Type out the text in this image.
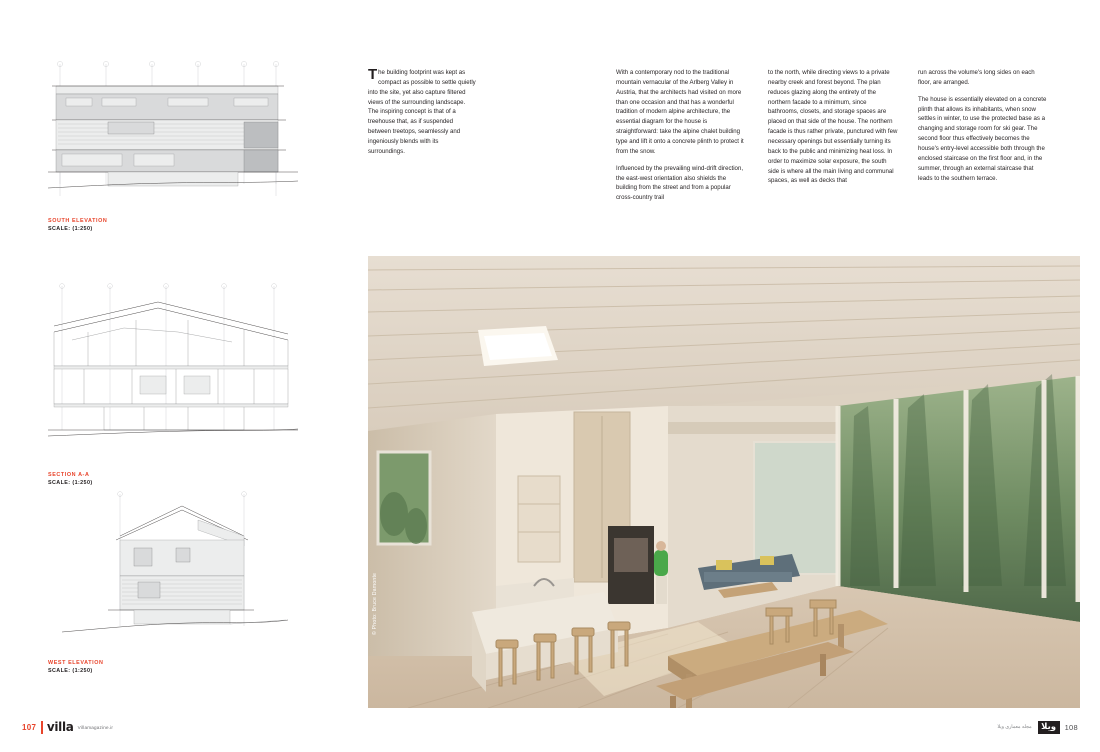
SOUTH ELEVATION
SCALE: (1:250)
SECTION A-A
SCALE: (1:250)
WEST ELEVATION
SCALE: (1:250)

The building footprint was kept as compact as possible to settle quietly into the site, yet also capture filtered views of the surrounding landscape. The inspiring concept is that of a treehouse that, as if suspended between treetops, seamlessly and ingeniously blends with its surroundings.

With a contemporary nod to the traditional mountain vernacular of the Arlberg Valley in Austria, that the architects had visited on more than one occasion and that has a wonderful tradition of modern alpine architecture, the essential diagram for the house is straightforward: take the alpine chalet building type and lift it onto a concrete plinth to protect it from the snow.

Influenced by the prevailing wind-drift direction, the east-west orientation also shields the building from the street and from a popular cross-country trail

to the north, while directing views to a private nearby creek and forest beyond. The plan reduces glazing along the entirety of the northern facade to a minimum, since bathrooms, closets, and storage spaces are placed on that side of the house. The northern facade is thus rather private, punctured with few necessary openings but essentially turning its back to the public and minimizing heat loss. In order to maximize solar exposure, the south side is where all the main living and communal spaces, as well as decks that

run across the volume's long sides on each floor, are arranged.

The house is essentially elevated on a concrete plinth that allows its inhabitants, when snow settles in winter, to use the protected base as a changing and storage room for ski gear. The second floor thus effectively becomes the house's entry-level accessible both through the enclosed staircase on the first floor and, in the summer, through an external staircase that leads to the southern terrace.

© Photo: Bruce Damonte
107 villa Villamagazine.ir	مجله معماری ویلا	ﻭﻳﻼ	108
